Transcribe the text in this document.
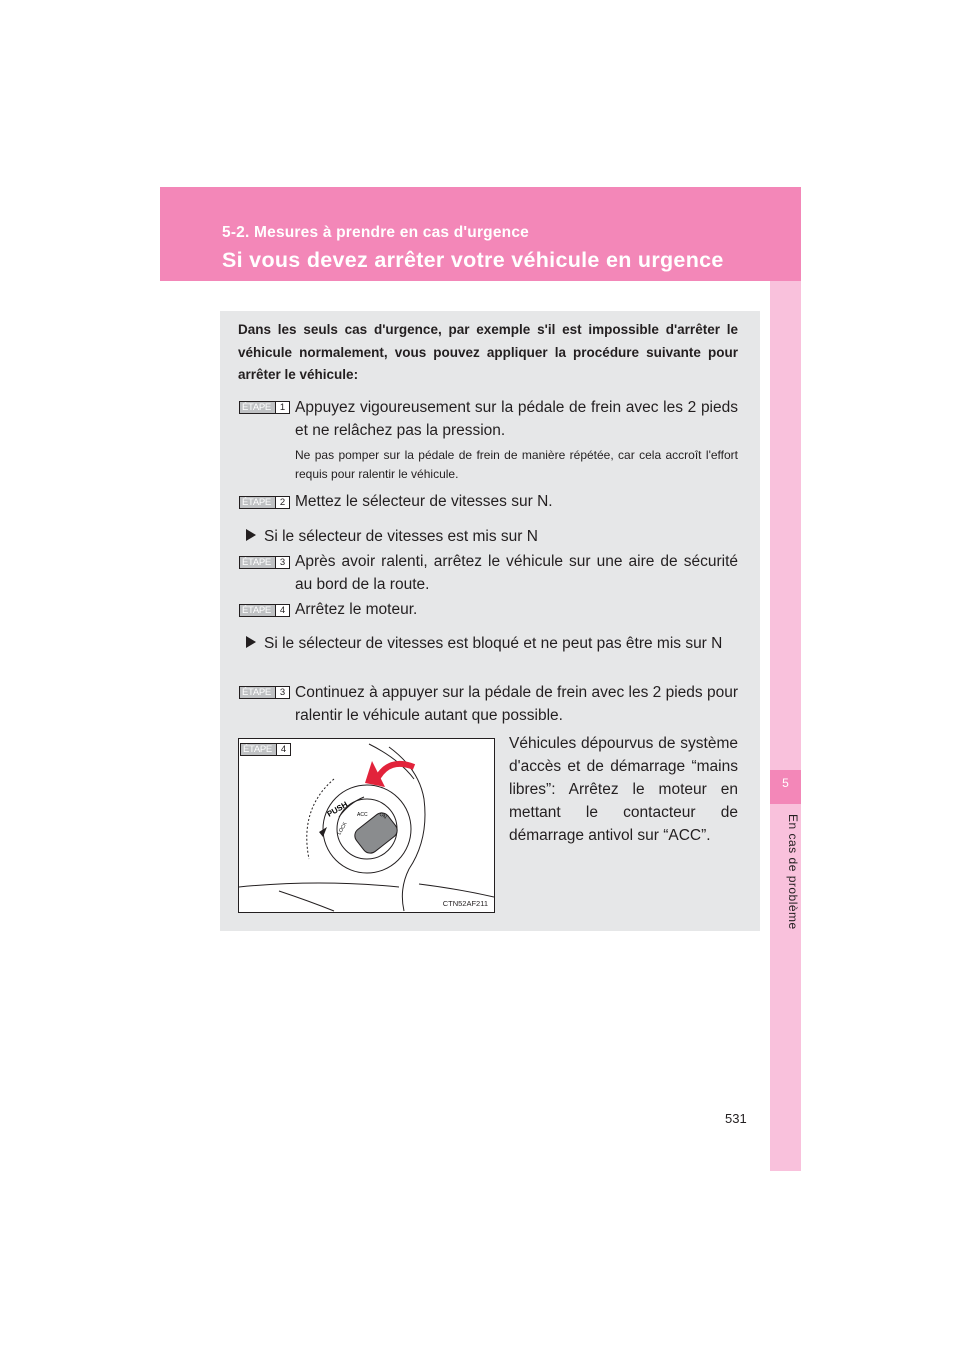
5-2. Mesures à prendre en cas d'urgence
Si vous devez arrêter votre véhicule en urgence
5
En cas de problème
Dans les seuls cas d'urgence, par exemple s'il est impossible d'arrêter le véhicule normalement, vous pouvez appliquer la procédure suivante pour arrêter le véhicule:
ÉTAPE 1 Appuyez vigoureusement sur la pédale de frein avec les 2 pieds et ne relâchez pas la pression.
Ne pas pomper sur la pédale de frein de manière répétée, car cela accroît l'effort requis pour ralentir le véhicule.
ÉTAPE 2 Mettez le sélecteur de vitesses sur N.
Si le sélecteur de vitesses est mis sur N
ÉTAPE 3 Après avoir ralenti, arrêtez le véhicule sur une aire de sécurité au bord de la route.
ÉTAPE 4 Arrêtez le moteur.
Si le sélecteur de vitesses est bloqué et ne peut pas être mis sur N
ÉTAPE 3 Continuez à appuyer sur la pédale de frein avec les 2 pieds pour ralentir le véhicule autant que possible.
PUSH
LOCK
ACC ON
ÉTAPE 4
CTN52AF211
Véhicules dépourvus de système d'accès et de démarrage “mains libres”: Arrêtez le moteur en mettant le contacteur de démarrage antivol sur “ACC”.
531
